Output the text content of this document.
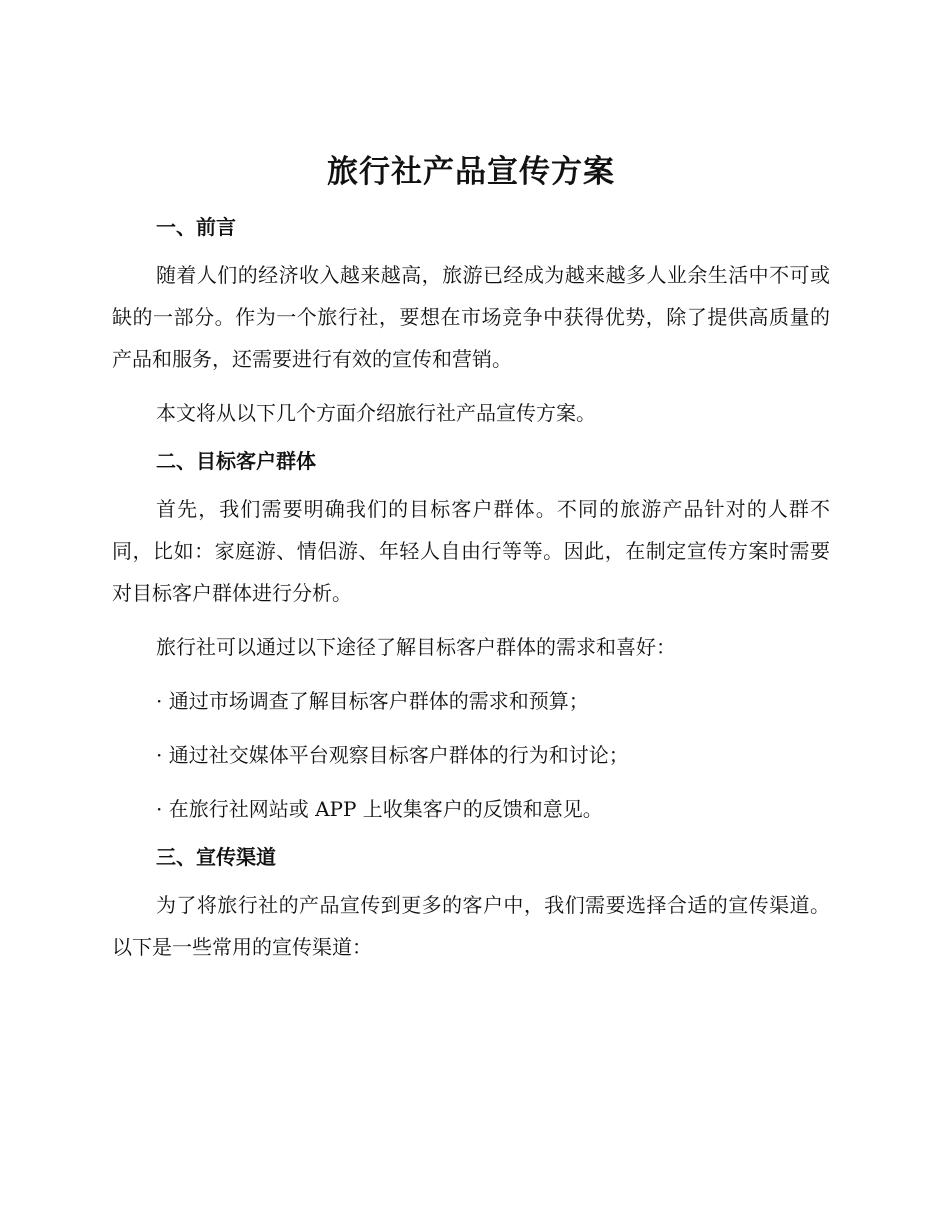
旅行社产品宣传方案
一、前言

随着人们的经济收入越来越高，旅游已经成为越来越多人业余生活中不可或缺的一部分。作为一个旅行社，要想在市场竞争中获得优势，除了提供高质量的产品和服务，还需要进行有效的宣传和营销。

本文将从以下几个方面介绍旅行社产品宣传方案。

二、目标客户群体

首先，我们需要明确我们的目标客户群体。不同的旅游产品针对的人群不同，比如：家庭游、情侣游、年轻人自由行等等。因此，在制定宣传方案时需要对目标客户群体进行分析。

旅行社可以通过以下途径了解目标客户群体的需求和喜好：

· 通过市场调查了解目标客户群体的需求和预算；

· 通过社交媒体平台观察目标客户群体的行为和讨论；

· 在旅行社网站或 APP 上收集客户的反馈和意见。

三、宣传渠道

为了将旅行社的产品宣传到更多的客户中，我们需要选择合适的宣传渠道。以下是一些常用的宣传渠道：
